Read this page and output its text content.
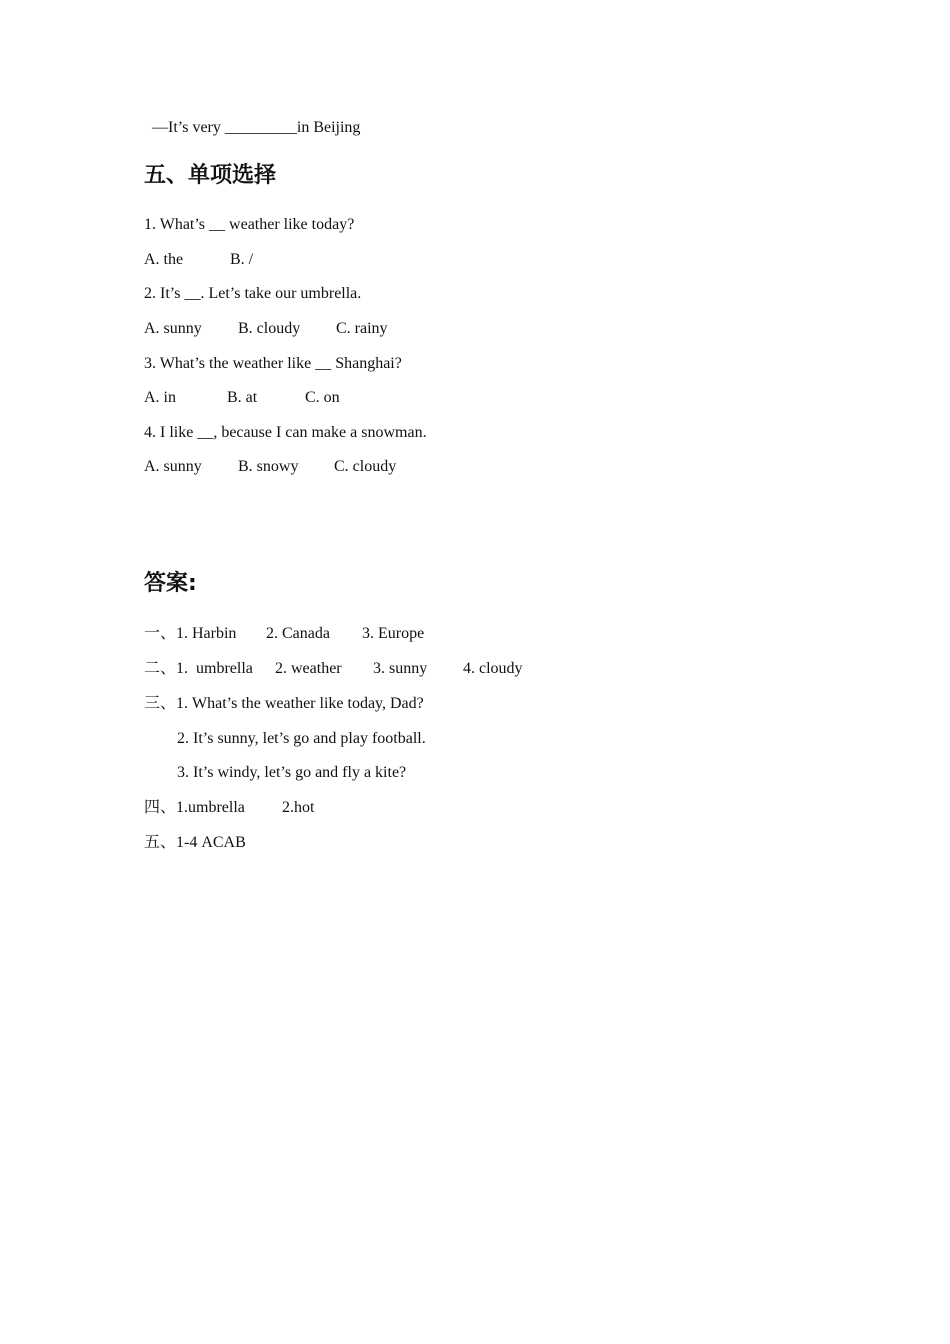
—It’s very _________in Beijing
五、单项选择
1. What’s __ weather like today?
A. the	B. /
2. It’s __. Let’s take our umbrella.
A. sunny B. cloudy C. rainy
3. What’s the weather like __ Shanghai?
A. in	B. at	C. on
4. I like __, because I can make a snowman.
A. sunny B. snowy C. cloudy
答案:
一、1. Harbin 2. Canada 3. Europe
二、1.  umbrella 2. weather 3. sunny 4. cloudy
三、1. What’s the weather like today, Dad?
2. It’s sunny, let’s go and play football.
3. It’s windy, let’s go and fly a kite?
四、1.umbrella 2.hot
五、1-4 ACAB
